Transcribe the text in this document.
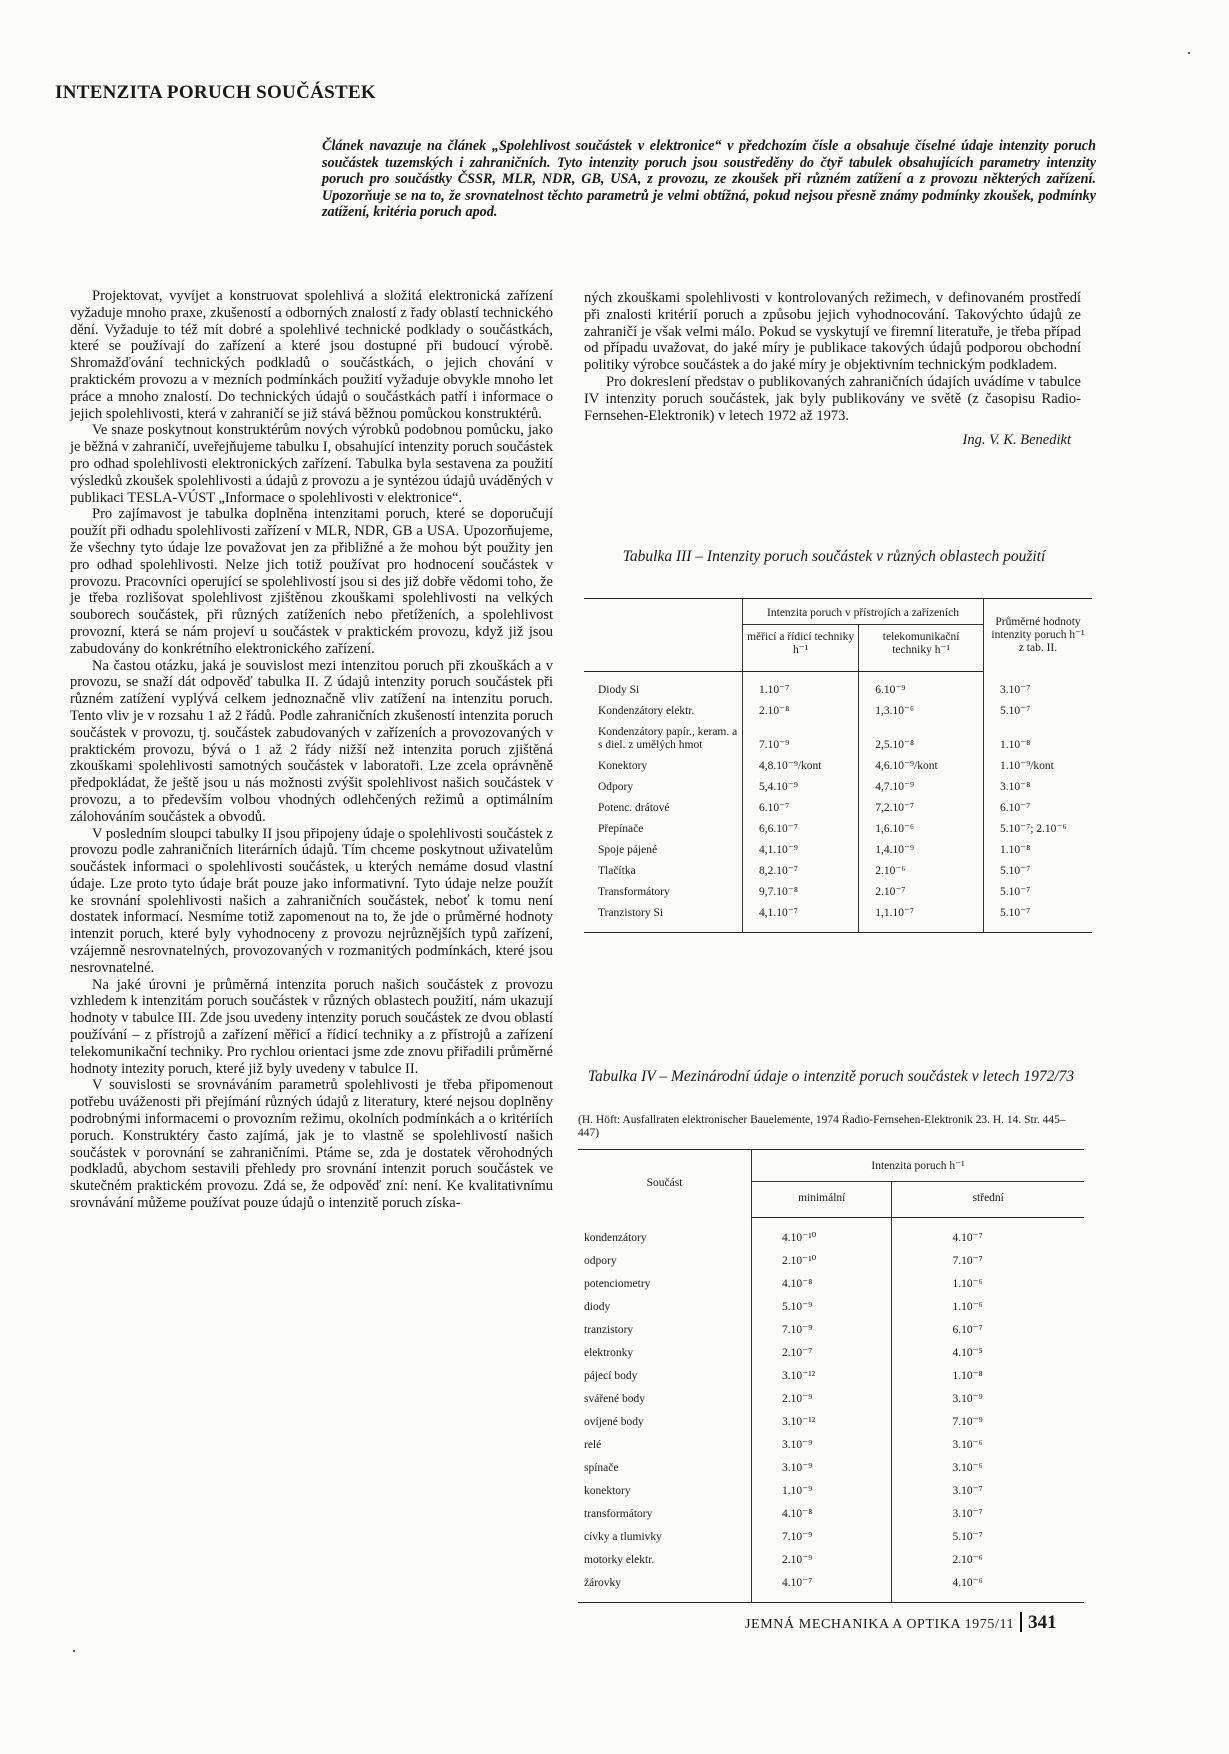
INTENZITA PORUCH SOUČÁSTEK
Článek navazuje na článek „Spolehlivost součástek v elektronice“ v předchozím čísle a obsahuje číselné údaje intenzity poruch součástek tuzemských i zahraničních. Tyto intenzity poruch jsou soustředěny do čtyř tabulek obsahujících parametry intenzity poruch pro součástky ČSSR, MLR, NDR, GB, USA, z provozu, ze zkoušek při různém zatížení a z provozu některých zařízení. Upozorňuje se na to, že srovnatelnost těchto parametrů je velmi obtížná, pokud nejsou přesně známy podmínky zkoušek, podmínky zatížení, kritéria poruch apod.

Projektovat, vyvíjet a konstruovat spolehlivá a složitá elektronická zařízení vyžaduje mnoho praxe, zkušeností a odborných znalostí z řady oblastí technického dění. Vyžaduje to též mít dobré a spolehlivé technické podklady o součástkách, které se používají do zařízení a které jsou dostupné při budoucí výrobě. Shromažďování technických podkladů o součástkách, o jejich chování v praktickém provozu a v mezních podmínkách použití vyžaduje obvykle mnoho let práce a mnoho znalostí. Do technických údajů o součástkách patří i informace o jejich spolehlivosti, která v zahraničí se již stává běžnou pomůckou konstruktérů.

Ve snaze poskytnout konstruktérům nových výrobků podobnou pomůcku, jako je běžná v zahraničí, uveřejňujeme tabulku I, obsahující intenzity poruch součástek pro odhad spolehlivosti elektronických zařízení. Tabulka byla sestavena za použití výsledků zkoušek spolehlivosti a údajů z provozu a je syntézou údajů uváděných v publikaci TESLA-VÚST „Informace o spolehlivosti v elektronice“.

Pro zajímavost je tabulka doplněna intenzitami poruch, které se doporučují použít při odhadu spolehlivosti zařízení v MLR, NDR, GB a USA. Upozorňujeme, že všechny tyto údaje lze považovat jen za přibližné a že mohou být použity jen pro odhad spolehlivosti. Nelze jich totiž používat pro hodnocení součástek v provozu. Pracovníci operující se spolehlivostí jsou si des již dobře vědomi toho, že je třeba rozlišovat spolehlivost zjištěnou zkouškami spolehlivosti na velkých souborech součástek, při různých zatíženích nebo přetíženích, a spolehlivost provozní, která se nám projeví u součástek v praktickém provozu, když již jsou zabudovány do konkrétního elektronického zařízení.

Na častou otázku, jaká je souvislost mezi intenzitou poruch při zkouškách a v provozu, se snaží dát odpověď tabulka II. Z údajů intenzity poruch součástek při různém zatížení vyplývá celkem jednoznačně vliv zatížení na intenzitu poruch. Tento vliv je v rozsahu 1 až 2 řádů. Podle zahraničních zkušeností intenzita poruch součástek v provozu, tj. součástek zabudovaných v zařízeních a provozovaných v praktickém provozu, bývá o 1 až 2 řády nižší než intenzita poruch zjištěná zkouškami spolehlivosti samotných součástek v laboratoři. Lze zcela oprávněně předpokládat, že ještě jsou u nás možnosti zvýšit spolehlivost našich součástek v provozu, a to především volbou vhodných odlehčených režimů a optimálním zálohováním součástek a obvodů.

V posledním sloupci tabulky II jsou připojeny údaje o spolehlivosti součástek z provozu podle zahraničních literárních údajů. Tím chceme poskytnout uživatelům součástek informaci o spolehlivosti součástek, u kterých nemáme dosud vlastní údaje. Lze proto tyto údaje brát pouze jako informativní. Tyto údaje nelze použít ke srovnání spolehlivosti našich a zahraničních součástek, neboť k tomu není dostatek informací. Nesmíme totiž zapomenout na to, že jde o průměrné hodnoty intenzit poruch, které byly vyhodnoceny z provozu nejrůznějších typů zařízení, vzájemně nesrovnatelných, provozovaných v rozmanitých podmínkách, které jsou nesrovnatelné.

Na jaké úrovni je průměrná intenzita poruch našich součástek z provozu vzhledem k intenzitám poruch součástek v různých oblastech použití, nám ukazují hodnoty v tabulce III. Zde jsou uvedeny intenzity poruch součástek ze dvou oblastí používání – z přístrojů a zařízení měřicí a řídicí techniky a z přístrojů a zařízení telekomunikační techniky. Pro rychlou orientaci jsme zde znovu přiřadili průměrné hodnoty intezity poruch, které již byly uvedeny v tabulce II.

V souvislosti se srovnáváním parametrů spolehlivosti je třeba připomenout potřebu uváženosti při přejímání různých údajů z literatury, které nejsou doplněny podrobnými informacemi o provozním režimu, okolních podmínkách a o kritériích poruch. Konstruktéry často zajímá, jak je to vlastně se spolehlivostí našich součástek v porovnání se zahraničními. Ptáme se, zda je dostatek věrohodných podkladů, abychom sestavili přehledy pro srovnání intenzit poruch součástek ve skutečném praktickém provozu. Zdá se, že odpověď zní: není. Ke kvalitativnímu srovnávání můžeme používat pouze údajů o intenzitě poruch získa-

ných zkouškami spolehlivosti v kontrolovaných režimech, v definovaném prostředí při znalosti kritérií poruch a způsobu jejich vyhodnocování. Takovýchto údajů ze zahraničí je však velmi málo. Pokud se vyskytují ve firemní literatuře, je třeba případ od případu uvažovat, do jaké míry je publikace takových údajů podporou obchodní politiky výrobce součástek a do jaké míry je objektivním technickým podkladem.

Pro dokreslení představ o publikovaných zahraničních údajích uvádíme v tabulce IV intenzity poruch součástek, jak byly publikovány ve světě (z časopisu Radio-Fernsehen-Elektronik) v letech 1972 až 1973.

Ing. V. K. Benedikt
Tabulka III – Intenzity poruch součástek v různých oblastech použití
	Intenzita poruch v přístrojích a zařízeních		Průměrné hodnoty intenzity poruch h⁻¹ z tab. II.
	měřicí a řídicí techniky h⁻¹	telekomunikační techniky h⁻¹	
Diody Si	1.10⁻⁷	6.10⁻⁹	3.10⁻⁷
Kondenzátory elektr.	2.10⁻⁸	1,3.10⁻⁶	5.10⁻⁷
Kondenzátory papír., keram. a s diel. z umělých hmot	7.10⁻⁹	2,5.10⁻⁸	1.10⁻⁸
Konektory	4,8.10⁻⁹/kont	4,6.10⁻⁹/kont	1.10⁻⁹/kont
Odpory	5,4.10⁻⁹	4,7.10⁻⁹	3.10⁻⁸
Potenc. drátové	6.10⁻⁷	7,2.10⁻⁷	6.10⁻⁷
Přepínače	6,6.10⁻⁷	1,6.10⁻⁶	5.10⁻⁷; 2.10⁻⁶
Spoje pájené	4,1.10⁻⁹	1,4.10⁻⁹	1.10⁻⁸
Tlačítka	8,2.10⁻⁷	2.10⁻⁶	5.10⁻⁷
Transformátory	9,7.10⁻⁸	2.10⁻⁷	5.10⁻⁷
Tranzistory Si	4,1.10⁻⁷	1,1.10⁻⁷	5.10⁻⁷
Tabulka IV – Mezinárodní údaje o intenzitě poruch součástek v letech 1972/73
(H. Höft: Ausfallraten elektronischer Bauelemente, 1974 Radio-Fernsehen-Elektronik 23. H. 14. Str. 445–447)
Součást	Intenzita poruch h⁻¹	
	minimální	střední
kondenzátory	4.10⁻¹⁰	4.10⁻⁷
odpory	2.10⁻¹⁰	7.10⁻⁷
potenciometry	4.10⁻⁸	1.10⁻⁶
diody	5.10⁻⁹	1.10⁻⁶
tranzistory	7.10⁻⁹	6.10⁻⁷
elektronky	2.10⁻⁷	4.10⁻⁵
pájecí body	3.10⁻¹²	1.10⁻⁸
svářené body	2.10⁻⁹	3.10⁻⁹
ovíjené body	3.10⁻¹²	7.10⁻⁹
relé	3.10⁻⁹	3.10⁻⁶
spínače	3.10⁻⁹	3.10⁻⁶
konektory	1.10⁻⁹	3.10⁻⁷
transformátory	4.10⁻⁸	3.10⁻⁷
cívky a tlumivky	7.10⁻⁹	5.10⁻⁷
motorky elektr.	2.10⁻⁹	2.10⁻⁶
žárovky	4.10⁻⁷	4.10⁻⁶
JEMNÁ MECHANIKA A OPTIKA 1975/11 341
